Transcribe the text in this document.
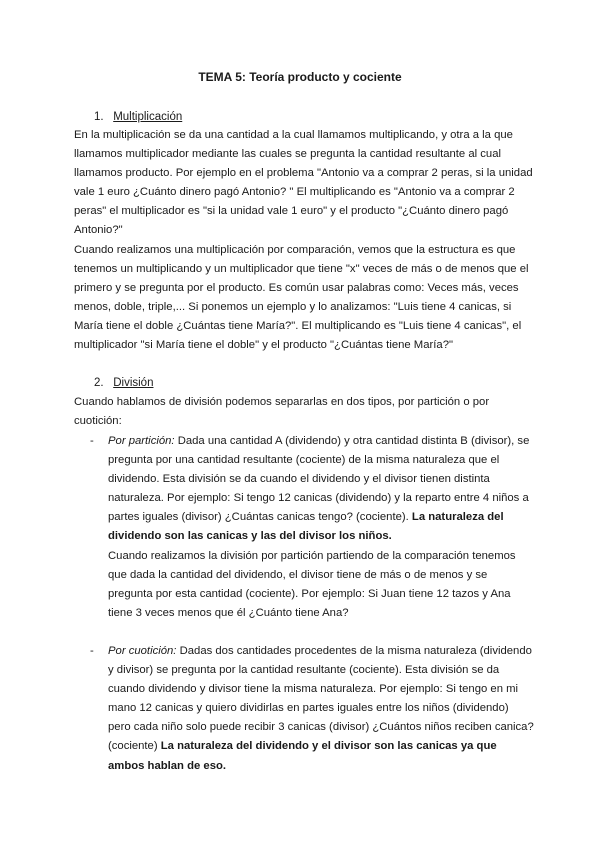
TEMA 5: Teoría producto y cociente
1. Multiplicación
En la multiplicación se da una cantidad a la cual llamamos multiplicando, y otra a la que llamamos multiplicador mediante las cuales se pregunta la cantidad resultante al cual llamamos producto. Por ejemplo en el problema "Antonio va a comprar 2 peras, si la unidad vale 1 euro ¿Cuánto dinero pagó Antonio? " El multiplicando es "Antonio va a comprar 2 peras" el multiplicador es "si la unidad vale 1 euro" y el producto "¿Cuánto dinero pagó Antonio?"
Cuando realizamos una multiplicación por comparación, vemos que la estructura es que tenemos un multiplicando y un multiplicador que tiene "x" veces de más o de menos que el primero y se pregunta por el producto. Es común usar palabras como: Veces más, veces menos, doble, triple,... Si ponemos un ejemplo y lo analizamos: "Luis tiene 4 canicas, si María tiene el doble ¿Cuántas tiene María?". El multiplicando es "Luis tiene 4 canicas", el multiplicador "si María tiene el doble" y el producto "¿Cuántas tiene María?"
2. División
Cuando hablamos de división podemos separarlas en dos tipos, por partición o por cuotición:
- Por partición: Dada una cantidad A (dividendo) y otra cantidad distinta B (divisor), se pregunta por una cantidad resultante (cociente) de la misma naturaleza que el dividendo. Esta división se da cuando el dividendo y el divisor tienen distinta naturaleza. Por ejemplo: Si tengo 12 canicas (dividendo) y la reparto entre 4 niños a partes iguales (divisor) ¿Cuántas canicas tengo? (cociente). La naturaleza del dividendo son las canicas y las del divisor los niños.
Cuando realizamos la división por partición partiendo de la comparación tenemos que dada la cantidad del dividendo, el divisor tiene de más o de menos y se pregunta por esta cantidad (cociente). Por ejemplo: Si Juan tiene 12 tazos y Ana tiene 3 veces menos que él ¿Cuánto tiene Ana?
- Por cuotición: Dadas dos cantidades procedentes de la misma naturaleza (dividendo y divisor) se pregunta por la cantidad resultante (cociente). Esta división se da cuando dividendo y divisor tiene la misma naturaleza. Por ejemplo: Si tengo en mi mano 12 canicas y quiero dividirlas en partes iguales entre los niños (dividendo) pero cada niño solo puede recibir 3 canicas (divisor) ¿Cuántos niños reciben canica? (cociente) La naturaleza del dividendo y el divisor son las canicas ya que ambos hablan de eso.
